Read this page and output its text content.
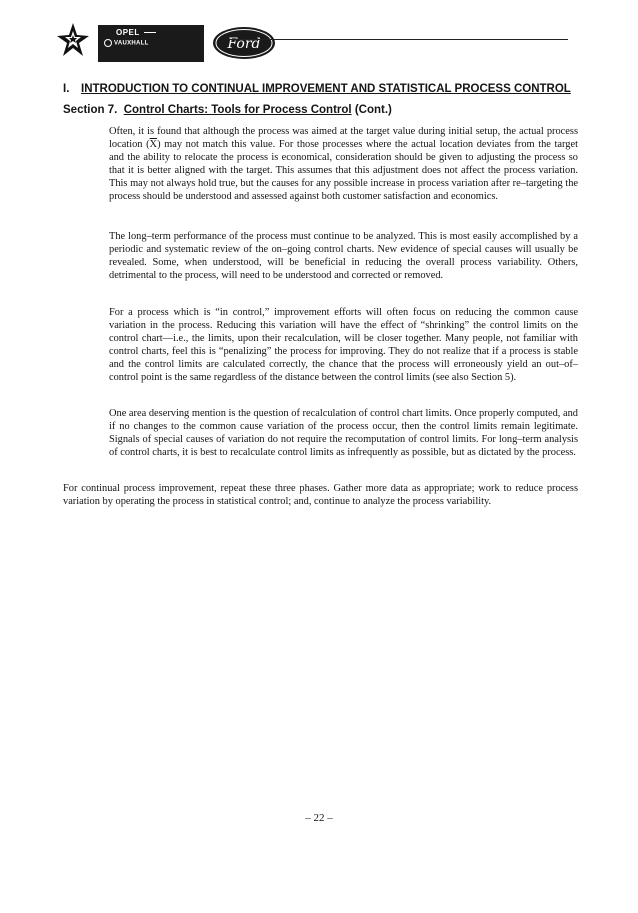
OPEL
VAUXHALL	Ford
I. INTRODUCTION TO CONTINUAL IMPROVEMENT AND STATISTICAL PROCESS CONTROL
Section 7. Control Charts: Tools for Process Control (Cont.)

Often, it is found that although the process was aimed at the target value during initial setup, the actual process location $(\overline{X})$ may not match this value. For those processes where the actual location deviates from the target and the ability to relocate the process is economical, consideration should be given to adjusting the process so that it is better aligned with the target. This assumes that this adjustment does not affect the process variation. This may not always hold true, but the causes for any possible increase in process variation after re–targeting the process should be understood and assessed against both customer satisfaction and economics.

The long–term performance of the process must continue to be analyzed. This is most easily accomplished by a periodic and systematic review of the on–going control charts. New evidence of special causes will usually be revealed. Some, when understood, will be beneficial in reducing the overall process variability. Others, detrimental to the process, will need to be understood and corrected or removed.

For a process which is “in control,” improvement efforts will often focus on reducing the common cause variation in the process. Reducing this variation will have the effect of “shrinking” the control limits on the control chart—i.e., the limits, upon their recalculation, will be closer together. Many people, not familiar with control charts, feel this is “penalizing” the process for improving. They do not realize that if a process is stable and the control limits are calculated correctly, the chance that the process will erroneously yield an out–of–control point is the same regardless of the distance between the control limits (see also Section 5).

One area deserving mention is the question of recalculation of control chart limits. Once properly computed, and if no changes to the common cause variation of the process occur, then the control limits remain legitimate. Signals of special causes of variation do not require the recomputation of control limits. For long–term analysis of control charts, it is best to recalculate control limits as infrequently as possible, but as dictated by the process.

For continual process improvement, repeat these three phases. Gather more data as appropriate; work to reduce process variation by operating the process in statistical control; and, continue to analyze the process variability.

– 22 –
